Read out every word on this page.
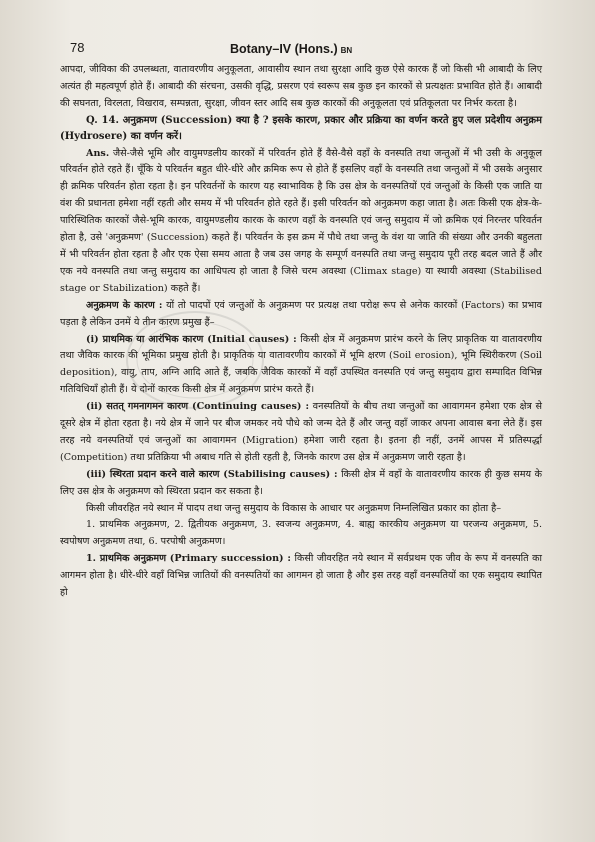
78	Botany–IV (Hons.) BN

आपदा, जीविका की उपलब्धता, वातावरणीय अनुकूलता, आवासीय स्थान तथा सुरक्षा आदि कुछ ऐसे कारक हैं जो किसी भी आबादी के लिए अत्यंत ही महत्वपूर्ण होते हैं। आबादी की संरचना, उसकी वृद्धि, प्रसरण एवं स्वरूप सब कुछ इन कारकों से प्रत्यक्षतः प्रभावित होते हैं। आबादी की सघनता, विरलता, विखराव, सम्पन्नता, सुरक्षा, जीवन स्तर आदि सब कुछ कारकों की अनुकूलता एवं प्रतिकूलता पर निर्भर करता है।

Q. 14. अनुक्रमण (Succession) क्या है ? इसके कारण, प्रकार और प्रक्रिया का वर्णन करते हुए जल प्रदेशीय अनुक्रम (Hydrosere) का वर्णन करें।

Ans. जैसे-जैसे भूमि और वायुमण्डलीय कारकों में परिवर्तन होते हैं वैसे-वैसे वहाँ के वनस्पति तथा जन्तुओं में भी उसी के अनुकूल परिवर्तन होते रहते हैं। चूँकि ये परिवर्तन बहुत धीरे-धीरे और क्रमिक रूप से होते हैं इसलिए वहाँ के वनस्पति तथा जन्तुओं में भी उसके अनुसार ही क्रमिक परिवर्तन होता रहता है। इन परिवर्तनों के कारण यह स्वाभाविक है कि उस क्षेत्र के वनस्पतियों एवं जन्तुओं के किसी एक जाति या वंश की प्रधानता हमेशा नहीं रहती और समय में भी परिवर्तन होते रहते हैं। इसी परिवर्तन को अनुक्रमण कहा जाता है। अतः किसी एक क्षेत्र-के-पारिस्थितिक कारकों जैसे-भूमि कारक, वायुमण्डलीय कारक के कारण वहाँ के वनस्पति एवं जन्तु समुदाय में जो क्रमिक एवं निरन्तर परिवर्तन होता है, उसे 'अनुक्रमण' (Succession) कहते हैं। परिवर्तन के इस क्रम में पौधे तथा जन्तु के वंश या जाति की संख्या और उनकी बहुलता में भी परिवर्तन होता रहता है और एक ऐसा समय आता है जब उस जगह के सम्पूर्ण वनस्पति तथा जन्तु समुदाय पूरी तरह बदल जाते हैं और एक नये वनस्पति तथा जन्तु समुदाय का आधिपत्य हो जाता है जिसे चरम अवस्था (Climax stage) या स्थायी अवस्था (Stabilised stage or Stabilization) कहते हैं।

अनुक्रमण के कारण : यों तो पादपों एवं जन्तुओं के अनुक्रमण पर प्रत्यक्ष तथा परोक्ष रूप से अनेक कारकों (Factors) का प्रभाव पड़ता है लेकिन उनमें ये तीन कारण प्रमुख हैं–

(i) प्राथमिक या आरंभिक कारण (Initial causes) : किसी क्षेत्र में अनुक्रमण प्रारंभ करने के लिए प्राकृतिक या वातावरणीय तथा जैविक कारक की भूमिका प्रमुख होती है। प्राकृतिक या वातावरणीय कारकों में भूमि क्षरण (Soil erosion), भूमि स्थिरीकरण (Soil deposition), वायु, ताप, अग्नि आदि आते हैं, जबकि जैविक कारकों में वहाँ उपस्थित वनस्पति एवं जन्तु समुदाय द्वारा सम्पादित विभिन्न गतिविधियाँ होती हैं। ये दोनों कारक किसी क्षेत्र में अनुक्रमण प्रारंभ करते हैं।

(ii) सतत् गमनागमन कारण (Continuing causes) : वनस्पतियों के बीच तथा जन्तुओं का आवागमन हमेशा एक क्षेत्र से दूसरे क्षेत्र में होता रहता है। नये क्षेत्र में जाने पर बीज जमकर नये पौधे को जन्म देते हैं और जन्तु वहाँ जाकर अपना आवास बना लेते हैं। इस तरह नये वनस्पतियों एवं जन्तुओं का आवागमन (Migration) हमेशा जारी रहता है। इतना ही नहीं, उनमें आपस में प्रतिस्पर्द्धा (Competition) तथा प्रतिक्रिया भी अबाध गति से होती रहती है, जिनके कारण उस क्षेत्र में अनुक्रमण जारी रहता है।

(iii) स्थिरता प्रदान करने वाले कारण (Stabilising causes) : किसी क्षेत्र में वहाँ के वातावरणीय कारक ही कुछ समय के लिए उस क्षेत्र के अनुक्रमण को स्थिरता प्रदान कर सकता है।

किसी जीवरहित नये स्थान में पादप तथा जन्तु समुदाय के विकास के आधार पर अनुक्रमण निम्नलिखित प्रकार का होता है–

1. प्राथमिक अनुक्रमण, 2. द्वितीयक अनुक्रमण, 3. स्वजन्य अनुक्रमण, 4. बाह्य कारकीय अनुक्रमण या परजन्य अनुक्रमण, 5. स्वपोषण अनुक्रमण तथा, 6. परपोषी अनुक्रमण।

1. प्राथमिक अनुक्रमण (Primary succession) : किसी जीवरहित नये स्थान में सर्वप्रथम एक जीव के रूप में वनस्पति का आगमन होता है। धीरे-धीरे वहाँ विभिन्न जातियों की वनस्पतियों का आगमन हो जाता है और इस तरह वहाँ वनस्पतियों का एक समुदाय स्थापित हो
